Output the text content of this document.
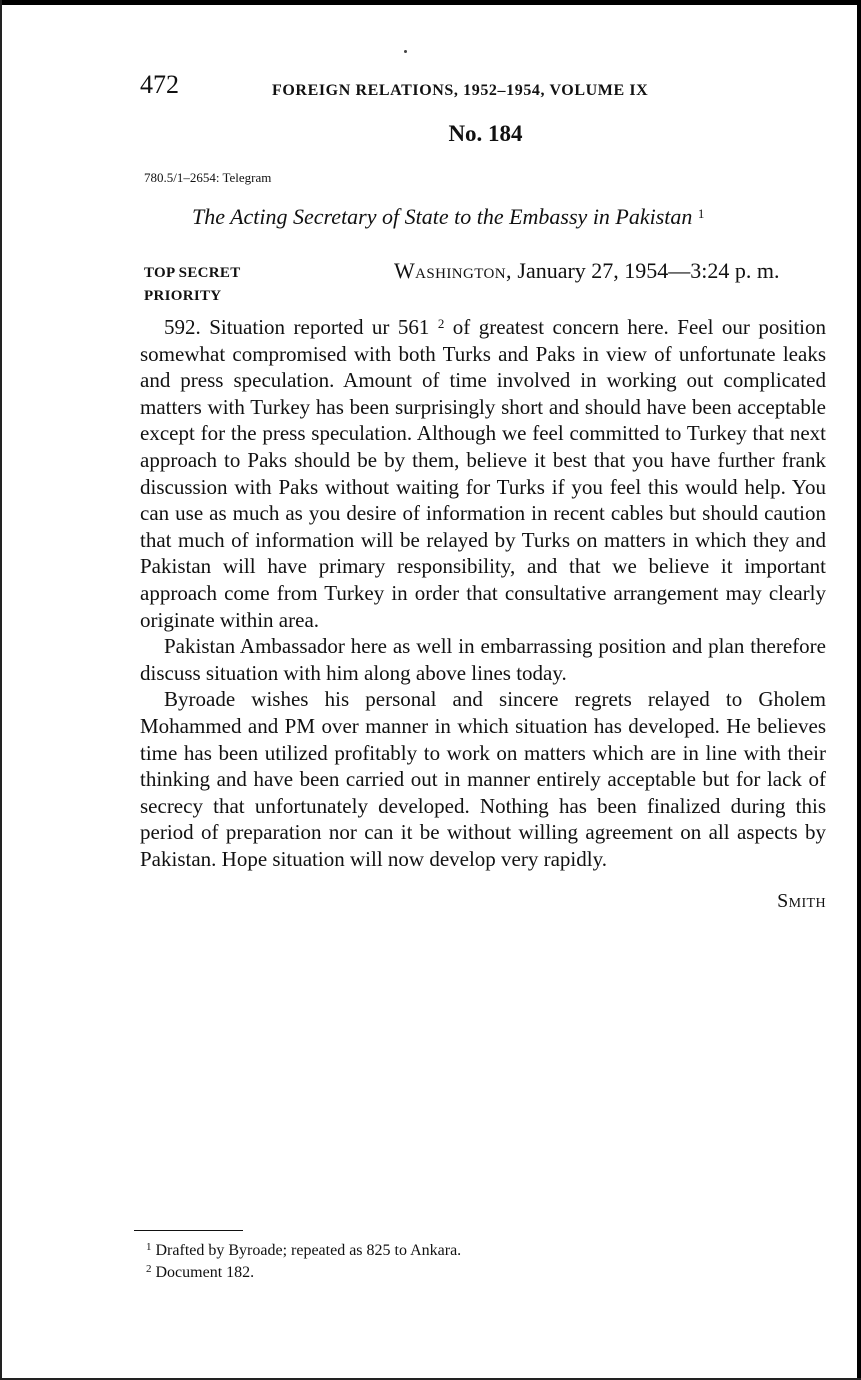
472	FOREIGN RELATIONS, 1952–1954, VOLUME IX
No. 184
780.5/1–2654: Telegram
The Acting Secretary of State to the Embassy in Pakistan $^1$
TOP SECRET
PRIORITY
Washington, January 27, 1954—3:24 p. m.

592. Situation reported ur 561 $^2$ of greatest concern here. Feel our position somewhat compromised with both Turks and Paks in view of unfortunate leaks and press speculation. Amount of time involved in working out complicated matters with Turkey has been surprisingly short and should have been acceptable except for the press speculation. Although we feel committed to Turkey that next approach to Paks should be by them, believe it best that you have further frank discussion with Paks without waiting for Turks if you feel this would help. You can use as much as you desire of information in recent cables but should caution that much of information will be relayed by Turks on matters in which they and Pakistan will have primary responsibility, and that we believe it important approach come from Turkey in order that consultative arrangement may clearly originate within area.

Pakistan Ambassador here as well in embarrassing position and plan therefore discuss situation with him along above lines today.

Byroade wishes his personal and sincere regrets relayed to Gholem Mohammed and PM over manner in which situation has developed. He believes time has been utilized profitably to work on matters which are in line with their thinking and have been carried out in manner entirely acceptable but for lack of secrecy that unfortunately developed. Nothing has been finalized during this period of preparation nor can it be without willing agreement on all aspects by Pakistan. Hope situation will now develop very rapidly.

Smith
$^1$ Drafted by Byroade; repeated as 825 to Ankara.
$^2$ Document 182.
